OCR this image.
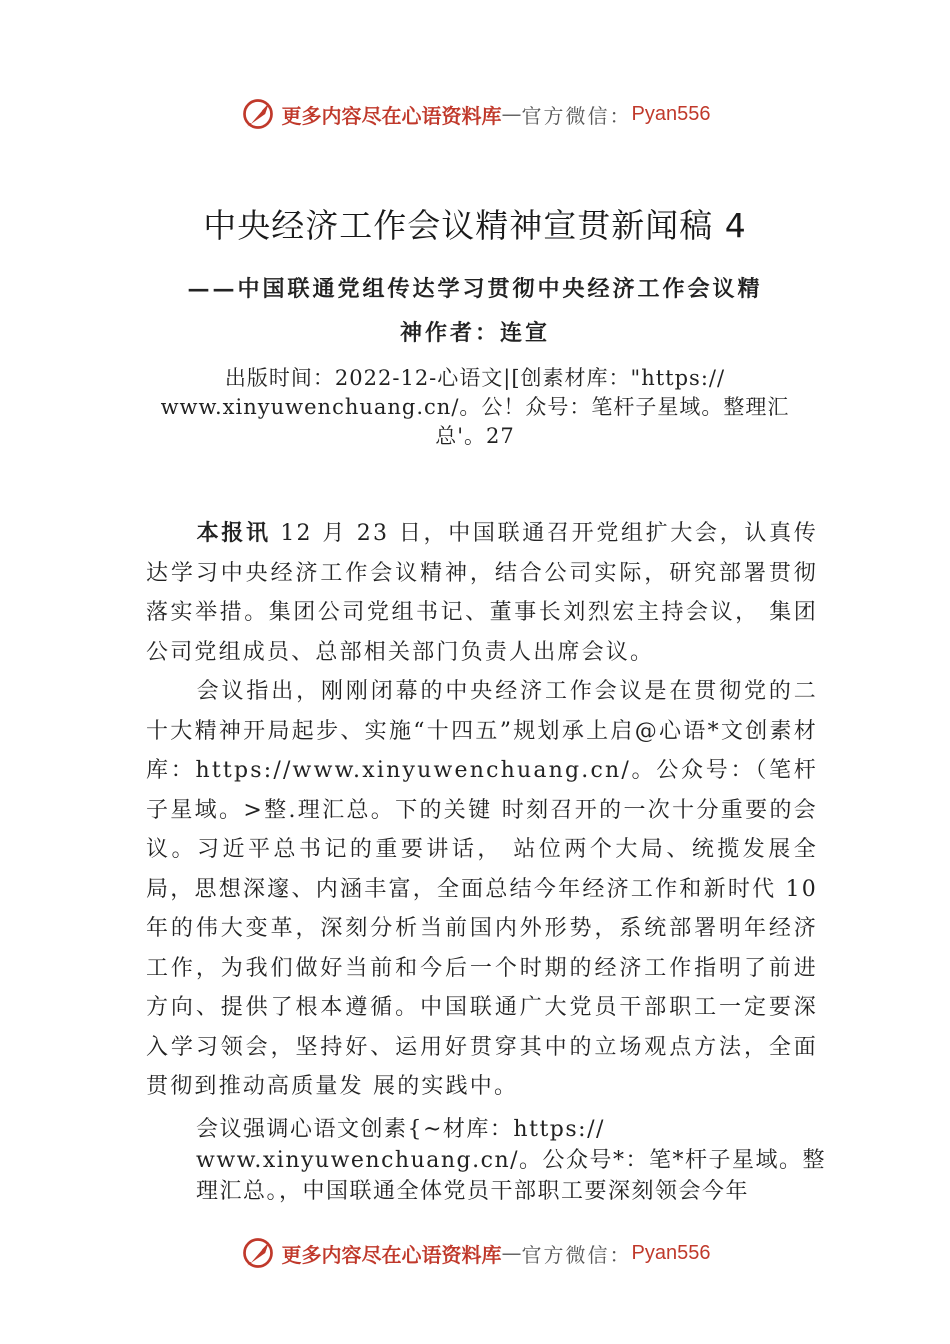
更多内容尽在心语资料库 — 官方微信： Pyan556
中央经济工作会议精神宣贯新闻稿 4
——中国联通党组传达学习贯彻中央经济工作会议精
神作者：连宣
出版时间：2022-12-心语文|[创素材库："https:// www.xinyuwenchuang.cn/。公！众号：笔杆子星域。整理汇总'。27

本报讯 12 月 23 日，中国联通召开党组扩大会，认真传达学习中央经济工作会议精神，结合公司实际，研究部署贯彻落实举措。集团公司党组书记、董事长刘烈宏主持会议， 集团公司党组成员、总部相关部门负责人出席会议。

会议指出，刚刚闭幕的中央经济工作会议是在贯彻党的二十大精神开局起步、实施“十四五”规划承上启@心语*文创素材库：https://www.xinyuwenchuang.cn/。公众号：（笔杆子星域。>整.理汇总。下的关键 时刻召开的一次十分重要的会议。习近平总书记的重要讲话， 站位两个大局、统揽发展全局，思想深邃、内涵丰富，全面总结今年经济工作和新时代 10 年的伟大变革，深刻分析当前国内外形势，系统部署明年经济工作，为我们做好当前和今后一个时期的经济工作指明了前进方向、提供了根本遵循。中国联通广大党员干部职工一定要深入学习领会，坚持好、运用好贯穿其中的立场观点方法，全面贯彻到推动高质量发 展的实践中。

会议强调心语文创素{~材库：https:// www.xinyuwenchuang.cn/。公众号*：笔*杆子星域。整理汇总。，中国联通全体党员干部职工要深刻领会今年
更多内容尽在心语资料库 — 官方微信： Pyan556
